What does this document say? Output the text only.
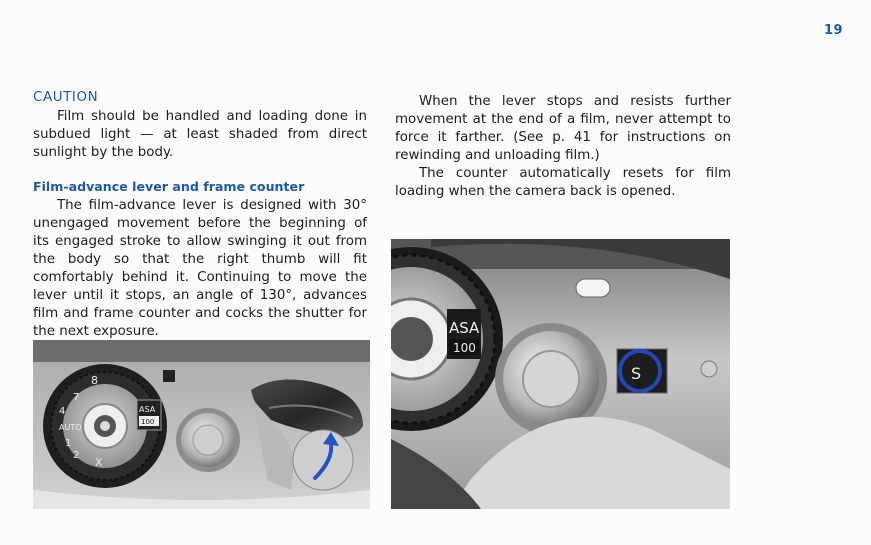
19
CAUTION

Film should be handled and loading done in subdued light — at least shaded from direct sunlight by the body.

Film-advance lever and frame counter

The film-advance lever is designed with 30° unengaged movement before the beginning of its engaged stroke to allow swinging it out from the body so that the right thumb will fit comfortably behind it. Continuing to move the lever until it stops, an angle of 130°, advances film and frame counter and cocks the shutter for the next exposure.

When the lever stops and resists further movement at the end of a film, never attempt to force it farther. (See p. 41 for instructions on rewinding and unloading film.)

The counter automatically resets for film loading when the camera back is opened.

8
7
4
AUTO
1
2
X
ASA
100
ASA
100
S
